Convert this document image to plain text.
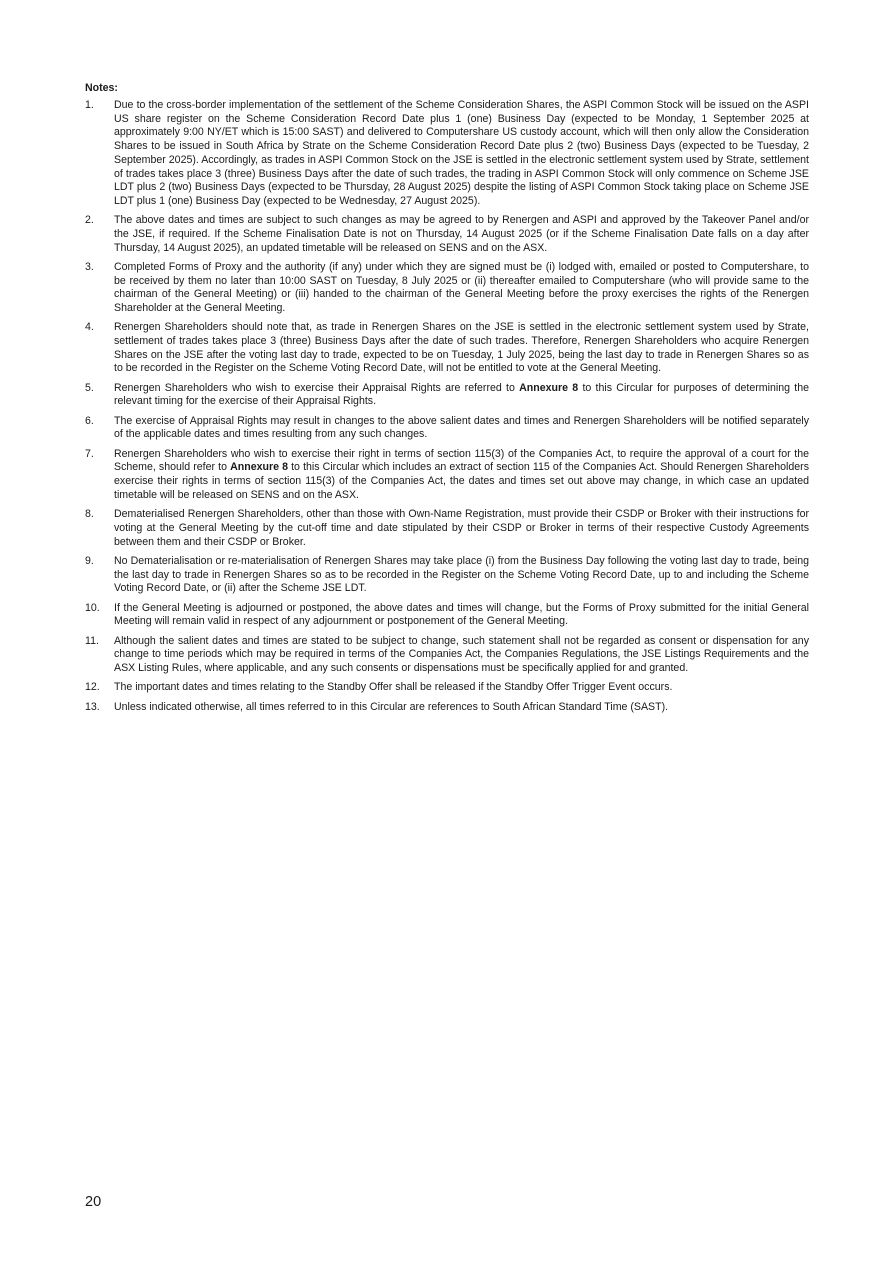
Notes:
1.	Due to the cross-border implementation of the settlement of the Scheme Consideration Shares, the ASPI Common Stock will be issued on the ASPI US share register on the Scheme Consideration Record Date plus 1 (one) Business Day (expected to be Monday, 1 September 2025 at approximately 9:00 NY/ET which is 15:00 SAST) and delivered to Computershare US custody account, which will then only allow the Consideration Shares to be issued in South Africa by Strate on the Scheme Consideration Record Date plus 2 (two) Business Days (expected to be Tuesday, 2 September 2025). Accordingly, as trades in ASPI Common Stock on the JSE is settled in the electronic settlement system used by Strate, settlement of trades takes place 3 (three) Business Days after the date of such trades, the trading in ASPI Common Stock will only commence on Scheme JSE LDT plus 2 (two) Business Days (expected to be Thursday, 28 August 2025) despite the listing of ASPI Common Stock taking place on Scheme JSE LDT plus 1 (one) Business Day (expected to be Wednesday, 27 August 2025).
2.	The above dates and times are subject to such changes as may be agreed to by Renergen and ASPI and approved by the Takeover Panel and/or the JSE, if required. If the Scheme Finalisation Date is not on Thursday, 14 August 2025 (or if the Scheme Finalisation Date falls on a day after Thursday, 14 August 2025), an updated timetable will be released on SENS and on the ASX.
3.	Completed Forms of Proxy and the authority (if any) under which they are signed must be (i) lodged with, emailed or posted to Computershare, to be received by them no later than 10:00 SAST on Tuesday, 8 July 2025 or (ii) thereafter emailed to Computershare (who will provide same to the chairman of the General Meeting) or (iii) handed to the chairman of the General Meeting before the proxy exercises the rights of the Renergen Shareholder at the General Meeting.
4.	Renergen Shareholders should note that, as trade in Renergen Shares on the JSE is settled in the electronic settlement system used by Strate, settlement of trades takes place 3 (three) Business Days after the date of such trades. Therefore, Renergen Shareholders who acquire Renergen Shares on the JSE after the voting last day to trade, expected to be on Tuesday, 1 July 2025, being the last day to trade in Renergen Shares so as to be recorded in the Register on the Scheme Voting Record Date, will not be entitled to vote at the General Meeting.
5.	Renergen Shareholders who wish to exercise their Appraisal Rights are referred to Annexure 8 to this Circular for purposes of determining the relevant timing for the exercise of their Appraisal Rights.
6.	The exercise of Appraisal Rights may result in changes to the above salient dates and times and Renergen Shareholders will be notified separately of the applicable dates and times resulting from any such changes.
7.	Renergen Shareholders who wish to exercise their right in terms of section 115(3) of the Companies Act, to require the approval of a court for the Scheme, should refer to Annexure 8 to this Circular which includes an extract of section 115 of the Companies Act. Should Renergen Shareholders exercise their rights in terms of section 115(3) of the Companies Act, the dates and times set out above may change, in which case an updated timetable will be released on SENS and on the ASX.
8.	Dematerialised Renergen Shareholders, other than those with Own-Name Registration, must provide their CSDP or Broker with their instructions for voting at the General Meeting by the cut-off time and date stipulated by their CSDP or Broker in terms of their respective Custody Agreements between them and their CSDP or Broker.
9.	No Dematerialisation or re-materialisation of Renergen Shares may take place (i) from the Business Day following the voting last day to trade, being the last day to trade in Renergen Shares so as to be recorded in the Register on the Scheme Voting Record Date, up to and including the Scheme Voting Record Date, or (ii) after the Scheme JSE LDT.
10.	If the General Meeting is adjourned or postponed, the above dates and times will change, but the Forms of Proxy submitted for the initial General Meeting will remain valid in respect of any adjournment or postponement of the General Meeting.
11.	Although the salient dates and times are stated to be subject to change, such statement shall not be regarded as consent or dispensation for any change to time periods which may be required in terms of the Companies Act, the Companies Regulations, the JSE Listings Requirements and the ASX Listing Rules, where applicable, and any such consents or dispensations must be specifically applied for and granted.
12.	The important dates and times relating to the Standby Offer shall be released if the Standby Offer Trigger Event occurs.
13.	Unless indicated otherwise, all times referred to in this Circular are references to South African Standard Time (SAST).
20
